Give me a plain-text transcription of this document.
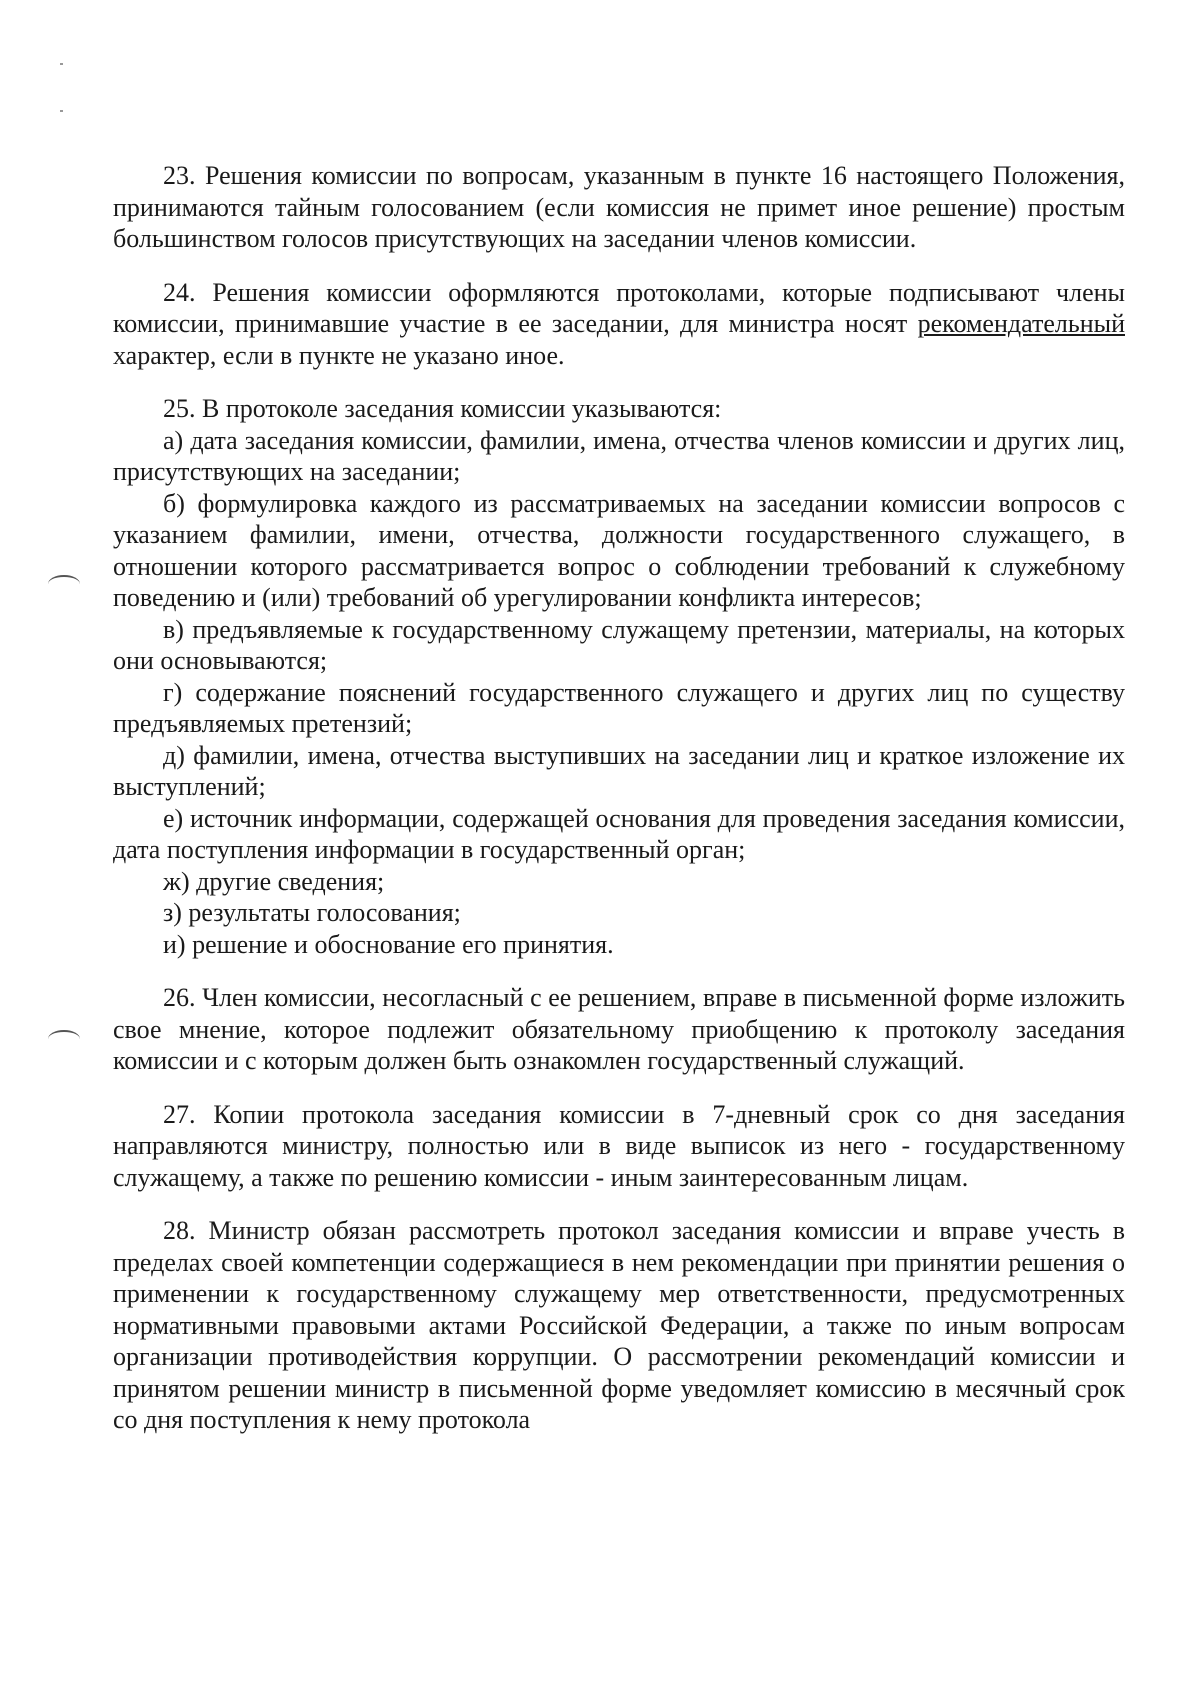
23. Решения комиссии по вопросам, указанным в пункте 16 настоящего Положения, принимаются тайным голосованием (если комиссия не примет иное решение) простым большинством голосов присутствующих на заседании членов комиссии.

24. Решения комиссии оформляются протоколами, которые подписывают члены комиссии, принимавшие участие в ее заседании, для министра носят рекомендательный характер, если в пункте не указано иное.

25. В протоколе заседания комиссии указываются:

а) дата заседания комиссии, фамилии, имена, отчества членов комиссии и других лиц, присутствующих на заседании;

б) формулировка каждого из рассматриваемых на заседании комиссии вопросов с указанием фамилии, имени, отчества, должности государственного служащего, в отношении которого рассматривается вопрос о соблюдении требований к служебному поведению и (или) требований об урегулировании конфликта интересов;

в) предъявляемые к государственному служащему претензии, материалы, на которых они основываются;

г) содержание пояснений государственного служащего и других лиц по существу предъявляемых претензий;

д) фамилии, имена, отчества выступивших на заседании лиц и краткое изложение их выступлений;

е) источник информации, содержащей основания для проведения заседания комиссии, дата поступления информации в государственный орган;

ж) другие сведения;

з) результаты голосования;

и) решение и обоснование его принятия.

26. Член комиссии, несогласный с ее решением, вправе в письменной форме изложить свое мнение, которое подлежит обязательному приобщению к протоколу заседания комиссии и с которым должен быть ознакомлен государственный служащий.

27. Копии протокола заседания комиссии в 7-дневный срок со дня заседания направляются министру, полностью или в виде выписок из него - государственному служащему, а также по решению комиссии - иным заинтересованным лицам.

28. Министр обязан рассмотреть протокол заседания комиссии и вправе учесть в пределах своей компетенции содержащиеся в нем рекомендации при принятии решения о применении к государственному служащему мер ответственности, предусмотренных нормативными правовыми актами Российской Федерации, а также по иным вопросам организации противодействия коррупции. О рассмотрении рекомендаций комиссии и принятом решении министр в письменной форме уведомляет комиссию в месячный срок со дня поступления к нему протокола
